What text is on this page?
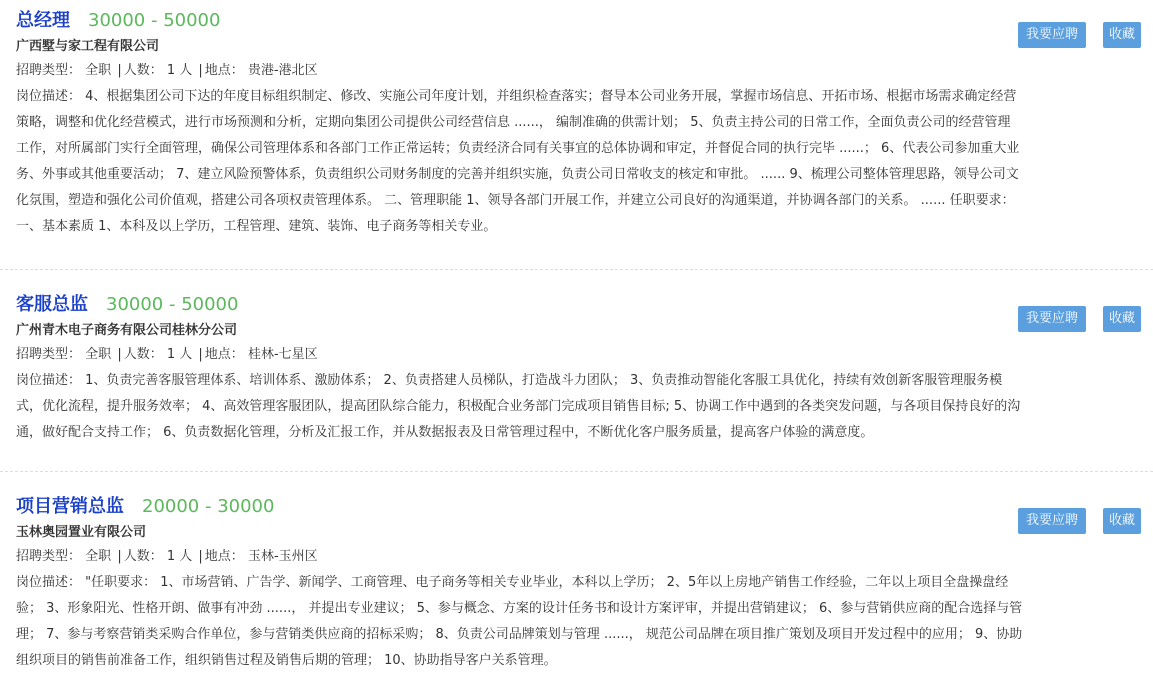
总经理 30000 - 50000
广西墅与家工程有限公司
招聘类型： 全职 | 人数： 1 人 | 地点： 贵港-港北区
岗位描述： 4、根据集团公司下达的年度目标组织制定、修改、实施公司年度计划，并组织检查落实；督导本公司业务开展，掌握市场信息、开拓市场、根据市场需求确定经营策略，调整和优化经营模式，进行市场预测和分析，定期向集团公司提供公司经营信息 ......， 编制准确的供需计划； 5、负责主持公司的日常工作，全面负责公司的经营管理工作，对所属部门实行全面管理，确保公司管理体系和各部门工作正常运转；负责经济合同有关事宜的总体协调和审定，并督促合同的执行完毕 ......； 6、代表公司参加重大业务、外事或其他重要活动； 7、建立风险预警体系，负责组织公司财务制度的完善并组织实施，负责公司日常收支的核定和审批。 ...... 9、梳理公司整体管理思路，领导公司文化氛围，塑造和强化公司价值观，搭建公司各项权责管理体系。 二、管理职能 1、领导各部门开展工作，并建立公司良好的沟通渠道，并协调各部门的关系。 ...... 任职要求： 一、基本素质 1、本科及以上学历，工程管理、建筑、装饰、电子商务等相关专业。
我要应聘	收藏
客服总监 30000 - 50000
广州青木电子商务有限公司桂林分公司
招聘类型： 全职 | 人数： 1 人 | 地点： 桂林-七星区
岗位描述： 1、负责完善客服管理体系、培训体系、激励体系； 2、负责搭建人员梯队，打造战斗力团队； 3、负责推动智能化客服工具优化，持续有效创新客服管理服务模式，优化流程，提升服务效率； 4、高效管理客服团队，提高团队综合能力，积极配合业务部门完成项目销售目标; 5、协调工作中遇到的各类突发问题，与各项目保持良好的沟通，做好配合支持工作； 6、负责数据化管理，分析及汇报工作，并从数据报表及日常管理过程中，不断优化客户服务质量，提高客户体验的满意度。
我要应聘	收藏
项目营销总监 20000 - 30000
玉林奥园置业有限公司
招聘类型： 全职 | 人数： 1 人 | 地点： 玉林-玉州区
岗位描述： "任职要求： 1、市场营销、广告学、新闻学、工商管理、电子商务等相关专业毕业，本科以上学历； 2、5年以上房地产销售工作经验，二年以上项目全盘操盘经验； 3、形象阳光、性格开朗、做事有冲劲 ......， 并提出专业建议； 5、参与概念、方案的设计任务书和设计方案评审，并提出营销建议； 6、参与营销供应商的配合选择与管理； 7、参与考察营销类采购合作单位，参与营销类供应商的招标采购； 8、负责公司品牌策划与管理 ......， 规范公司品牌在项目推广策划及项目开发过程中的应用； 9、协助组织项目的销售前准备工作，组织销售过程及销售后期的管理； 10、协助指导客户关系管理。
我要应聘	收藏
